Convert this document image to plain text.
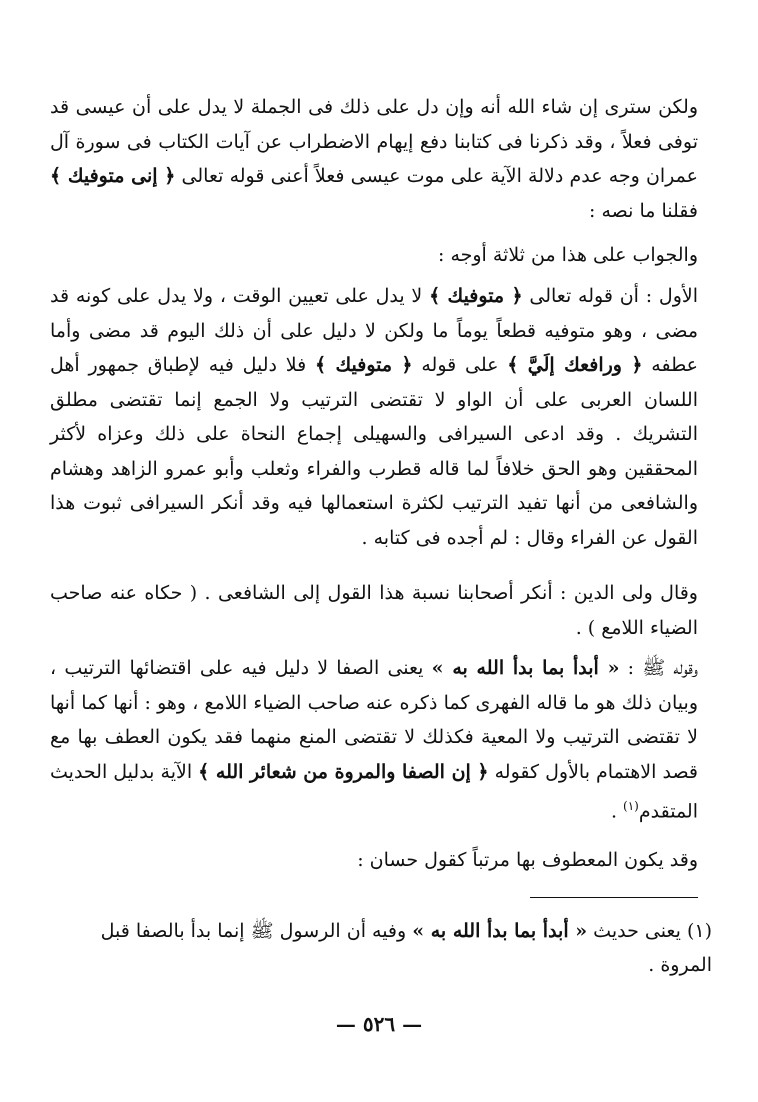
ولكن سترى إن شاء الله أنه وإن دل على ذلك فى الجملة لا يدل على أن عيسى قد توفى فعلاً ، وقد ذكرنا فى كتابنا دفع إيهام الاضطراب عن آيات الكتاب فى سورة آل عمران وجه عدم دلالة الآية على موت عيسى فعلاً أعنى قوله تعالى ﴿ إنى متوفيك ﴾ فقلنا ما نصه :

والجواب على هذا من ثلاثة أوجه :

الأول : أن قوله تعالى ﴿ متوفيك ﴾ لا يدل على تعيين الوقت ، ولا يدل على كونه قد مضى ، وهو متوفيه قطعاً يوماً ما ولكن لا دليل على أن ذلك اليوم قد مضى وأما عطفه ﴿ ورافعك إلَيَّ ﴾ على قوله ﴿ متوفيك ﴾ فلا دليل فيه لإطباق جمهور أهل اللسان العربى على أن الواو لا تقتضى الترتيب ولا الجمع إنما تقتضى مطلق التشريك . وقد ادعى السيرافى والسهيلى إجماع النحاة على ذلك وعزاه لأكثر المحققين وهو الحق خلافاً لما قاله قطرب والفراء وثعلب وأبو عمرو الزاهد وهشام والشافعى من أنها تفيد الترتيب لكثرة استعمالها فيه وقد أنكر السيرافى ثبوت هذا القول عن الفراء وقال : لم أجده فى كتابه .

وقال ولى الدين : أنكر أصحابنا نسبة هذا القول إلى الشافعى . ( حكاه عنه صاحب الضياء اللامع ) .

وقوله ﷺ : « أبدأ بما بدأ الله به » يعنى الصفا لا دليل فيه على اقتضائها الترتيب ، وبيان ذلك هو ما قاله الفهرى كما ذكره عنه صاحب الضياء اللامع ، وهو : أنها كما أنها لا تقتضى الترتيب ولا المعية فكذلك لا تقتضى المنع منهما فقد يكون العطف بها مع قصد الاهتمام بالأول كقوله ﴿ إن الصفا والمروة من شعائر الله ﴾ الآية بدليل الحديث المتقدم$^{(١)}$ .

وقد يكون المعطوف بها مرتباً كقول حسان :

(١) يعنى حديث « أبدأ بما بدأ الله به » وفيه أن الرسول ﷺ إنما بدأ بالصفا قبل المروة .

— ٥٢٦ —
